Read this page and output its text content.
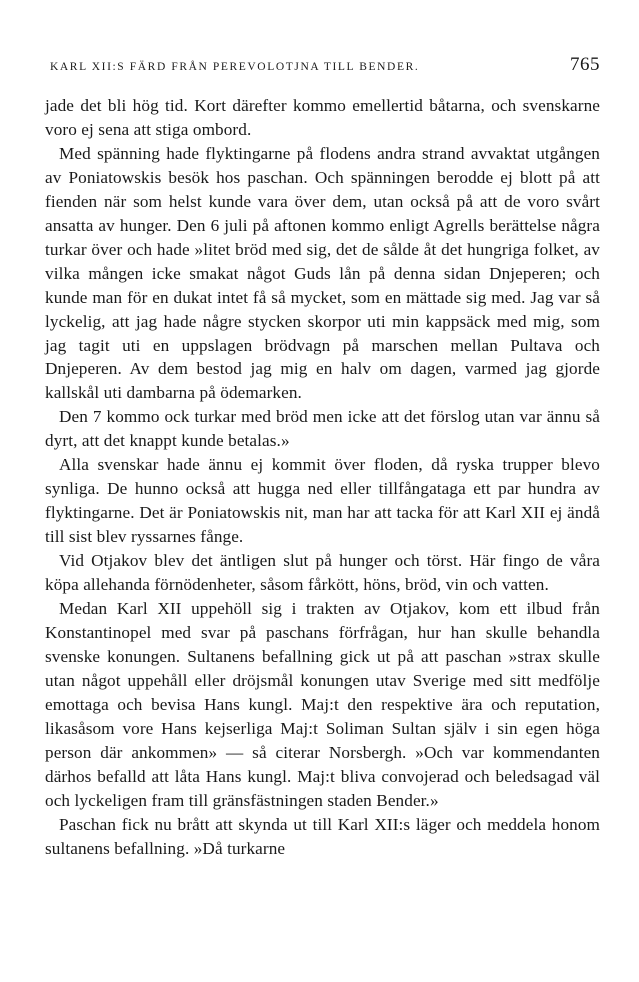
KARL XII:S FÄRD FRÅN PEREVOLOTJNA TILL BENDER.	765

jade det bli hög tid. Kort därefter kommo emellertid båtarna, och svenskarne voro ej sena att stiga ombord.

Med spänning hade flyktingarne på flodens andra strand avvaktat utgången av Poniatowskis besök hos paschan. Och spänningen berodde ej blott på att fienden när som helst kunde vara över dem, utan också på att de voro svårt ansatta av hunger. Den 6 juli på aftonen kommo enligt Agrells berättelse några turkar över och hade »litet bröd med sig, det de sålde åt det hungriga folket, av vilka mången icke smakat något Guds lån på denna sidan Dnjeperen; och kunde man för en dukat intet få så mycket, som en mättade sig med. Jag var så lyckelig, att jag hade någre stycken skorpor uti min kappsäck med mig, som jag tagit uti en uppslagen brödvagn på marschen mellan Pultava och Dnjeperen. Av dem bestod jag mig en halv om dagen, varmed jag gjorde kallskål uti dambarna på ödemarken.

Den 7 kommo ock turkar med bröd men icke att det förslog utan var ännu så dyrt, att det knappt kunde betalas.»

Alla svenskar hade ännu ej kommit över floden, då ryska trupper blevo synliga. De hunno också att hugga ned eller tillfångataga ett par hundra av flyktingarne. Det är Poniatowskis nit, man har att tacka för att Karl XII ej ändå till sist blev ryssarnes fånge.

Vid Otjakov blev det äntligen slut på hunger och törst. Här fingo de våra köpa allehanda förnödenheter, såsom fårkött, höns, bröd, vin och vatten.

Medan Karl XII uppehöll sig i trakten av Otjakov, kom ett ilbud från Konstantinopel med svar på paschans förfrågan, hur han skulle behandla svenske konungen. Sultanens befallning gick ut på att paschan »strax skulle utan något uppehåll eller dröjsmål konungen utav Sverige med sitt medfölje emottaga och bevisa Hans kungl. Maj:t den respektive ära och reputation, likasåsom vore Hans kejserliga Maj:t Soliman Sultan själv i sin egen höga person där ankommen» — så citerar Norsbergh. »Och var kommendanten därhos befalld att låta Hans kungl. Maj:t bliva convojerad och beledsagad väl och lyckeligen fram till gränsfästningen staden Bender.»

Paschan fick nu brått att skynda ut till Karl XII:s läger och meddela honom sultanens befallning. »Då turkarne
